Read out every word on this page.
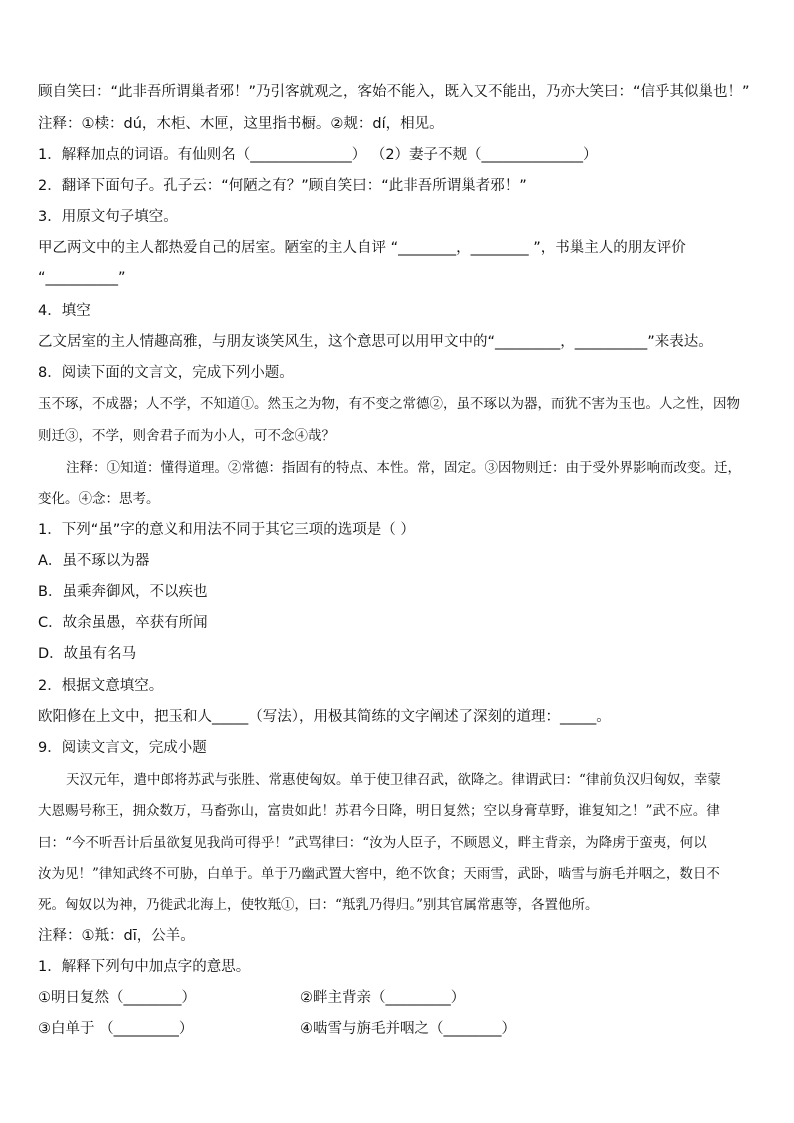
顾自笑曰：“此非吾所谓巢者邪！”乃引客就观之，客始不能入，既入又不能出，乃亦大笑曰：“信乎其似巢也！”
注释：①椟：dú，木柜、木匣，这里指书橱。②觌：dí，相见。
1．解释加点的词语。有仙则名（______________） （2）妻子不觌（______________）
2．翻译下面句子。孔子云：“何陋之有？”顾自笑曰：“此非吾所谓巢者邪！”
3．用原文句子填空。
甲乙两文中的主人都热爱自己的居室。陋室的主人自评 “________，________ ”，书巢主人的朋友评价
“__________”
4．填空
乙文居室的主人情趣高雅，与朋友谈笑风生，这个意思可以用甲文中的“_________，__________”来表达。
8．阅读下面的文言文，完成下列小题。
玉不琢，不成器；人不学，不知道①。然玉之为物，有不变之常德②，虽不琢以为器，而犹不害为玉也。人之性，因物
则迁③，不学，则舍君子而为小人，可不念④哉？
注释：①知道：懂得道理。②常德：指固有的特点、本性。常，固定。③因物则迁：由于受外界影响而改变。迁，
变化。④念：思考。
1．下列“虽”字的意义和用法不同于其它三项的选项是（ ）
A．虽不琢以为器
B．虽乘奔御风，不以疾也
C．故余虽愚，卒获有所闻
D．故虽有名马
2．根据文意填空。
欧阳修在上文中，把玉和人_____（写法），用极其简练的文字阐述了深刻的道理：_____。
9．阅读文言文，完成小题
天汉元年，遣中郎将苏武与张胜、常惠使匈奴。单于使卫律召武，欲降之。律谓武曰：“律前负汉归匈奴，幸蒙
大恩赐号称王，拥众数万，马畜弥山，富贵如此！苏君今日降，明日复然；空以身膏草野，谁复知之！”武不应。律
曰：“今不听吾计后虽欲复见我尚可得乎！”武骂律曰：“汝为人臣子，不顾恩义，畔主背亲，为降虏于蛮夷，何以
汝为见！”律知武终不可胁，白单于。单于乃幽武置大窖中，绝不饮食；天雨雪，武卧，啮雪与旃毛并咽之，数日不
死。匈奴以为神，乃徙武北海上，使牧羝①，曰：“羝乳乃得归。”别其官属常惠等，各置他所。
注释：①羝：dī，公羊。
1．解释下列句中加点字的意思。
①明日复然（________）	②畔主背亲（_________）
③白单于 （_________）	④啮雪与旃毛并咽之（________）
